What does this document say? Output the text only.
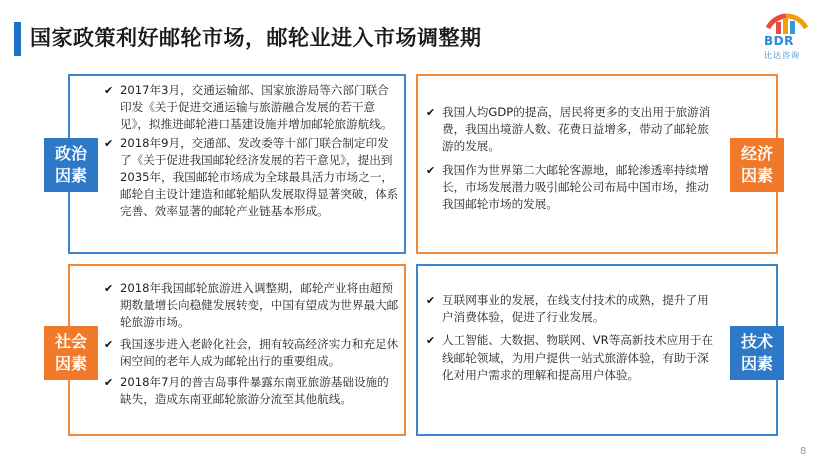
国家政策利好邮轮市场，邮轮业进入市场调整期	BDR
比达咨询
政治
因素
✔ 2017年3月，交通运输部、国家旅游局等六部门联合印发《关于促进交通运输与旅游融合发展的若干意见》，拟推进邮轮港口基建设施并增加邮轮旅游航线。
✔ 2018年9月，交通部、发改委等十部门联合制定印发了《关于促进我国邮轮经济发展的若干意见》，提出到2035年，我国邮轮市场成为全球最具活力市场之一，邮轮自主设计建造和邮轮船队发展取得显著突破，体系完善、效率显著的邮轮产业链基本形成。
经济
因素
✔ 我国人均GDP的提高，居民将更多的支出用于旅游消费，我国出境游人数、花费日益增多，带动了邮轮旅游的发展。
✔ 我国作为世界第二大邮轮客源地，邮轮渗透率持续增长，市场发展潜力吸引邮轮公司布局中国市场，推动我国邮轮市场的发展。
社会
因素
✔ 2018年我国邮轮旅游进入调整期，邮轮产业将由超预期数量增长向稳健发展转变，中国有望成为世界最大邮轮旅游市场。
✔ 我国逐步进入老龄化社会，拥有较高经济实力和充足休闲空间的老年人成为邮轮出行的重要组成。
✔ 2018年7月的普吉岛事件暴露东南亚旅游基础设施的缺失，造成东南亚邮轮旅游分流至其他航线。
技术
因素
✔ 互联网事业的发展，在线支付技术的成熟，提升了用户消费体验，促进了行业发展。
✔ 人工智能、大数据、物联网、VR等高新技术应用于在线邮轮领域，为用户提供一站式旅游体验，有助于深化对用户需求的理解和提高用户体验。
8
